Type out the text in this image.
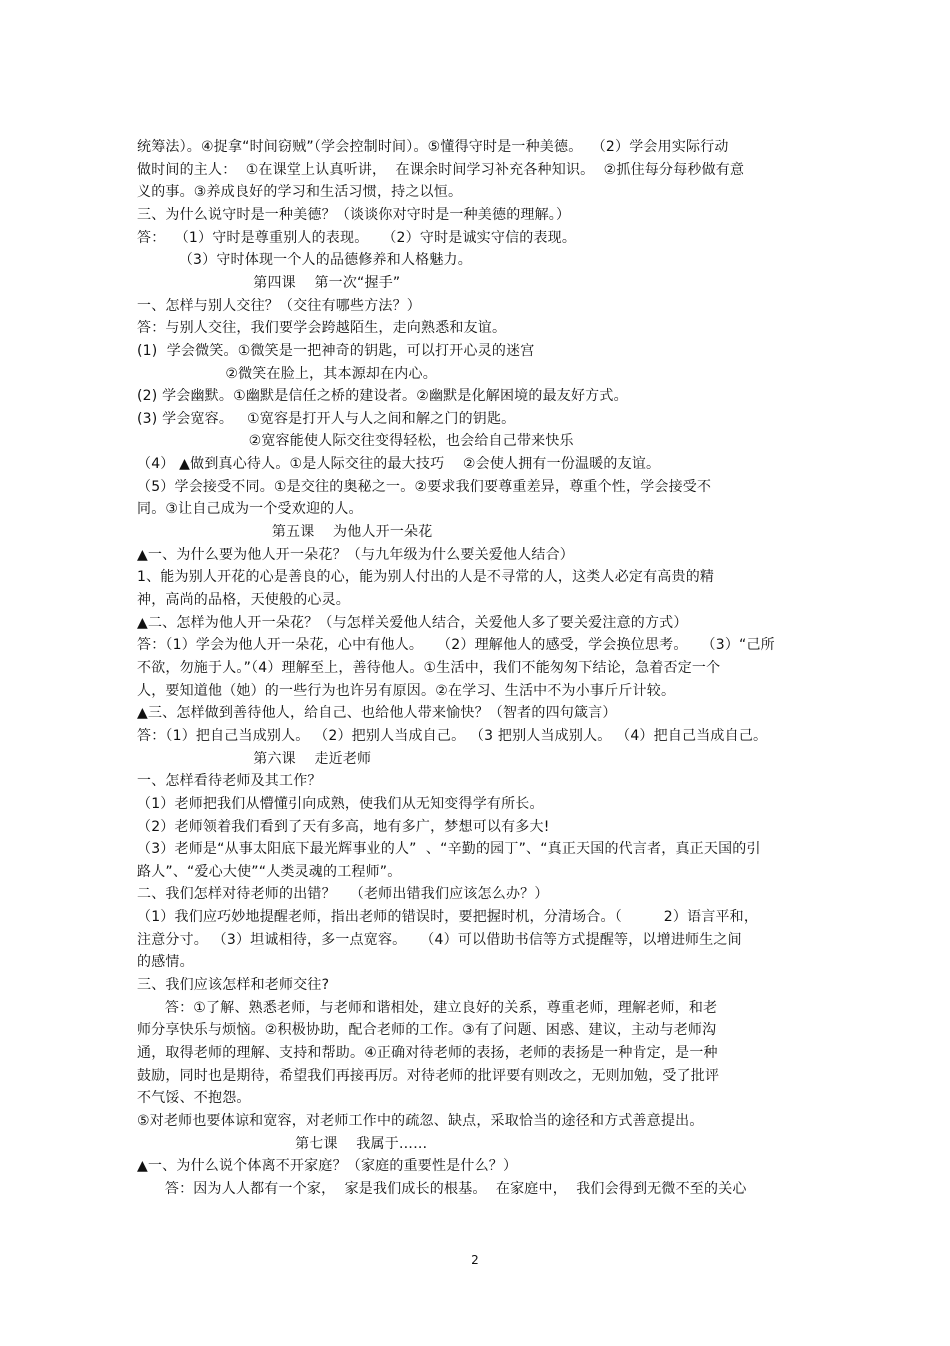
统筹法）。④捉拿“时间窃贼”（学会控制时间）。⑤懂得守时是一种美德。  （2）学会用实际行动
做时间的主人：  ①在课堂上认真听讲，  在课余时间学习补充各种知识。  ②抓住每分每秒做有意
义的事。③养成良好的学习和生活习惯，持之以恒。
三、为什么说守时是一种美德？（谈谈你对守时是一种美德的理解。）
答：  （1）守时是尊重别人的表现。   （2）守时是诚实守信的表现。
（3）守时体现一个人的品德修养和人格魅力。
第四课    第一次“握手”
一、怎样与别人交往？（交往有哪些方法？）
答：与别人交往，我们要学会跨越陌生，走向熟悉和友谊。
(1)  学会微笑。①微笑是一把神奇的钥匙，可以打开心灵的迷宫
②微笑在脸上，其本源却在内心。
(2) 学会幽默。①幽默是信任之桥的建设者。②幽默是化解困境的最友好方式。
(3) 学会宽容。   ①宽容是打开人与人之间和解之门的钥匙。
②宽容能使人际交往变得轻松，也会给自己带来快乐
（4） ▲做到真心待人。①是人际交往的最大技巧    ②会使人拥有一份温暖的友谊。
（5）学会接受不同。①是交往的奥秘之一。②要求我们要尊重差异，尊重个性，学会接受不
同。③让自己成为一个受欢迎的人。
第五课    为他人开一朵花
▲一、为什么要为他人开一朵花？（与九年级为什么要关爱他人结合）
1、能为别人开花的心是善良的心，能为别人付出的人是不寻常的人，这类人必定有高贵的精
神，高尚的品格，天使般的心灵。
▲二、怎样为他人开一朵花？（与怎样关爱他人结合，关爱他人多了要关爱注意的方式）
答：（1）学会为他人开一朵花，心中有他人。   （2）理解他人的感受，学会换位思考。   （3）“己所
不欲，勿施于人。”（4）理解至上，善待他人。①生活中，我们不能匆匆下结论，急着否定一个
人，要知道他（她）的一些行为也许另有原因。②在学习、生活中不为小事斤斤计较。
▲三、怎样做到善待他人，给自己、也给他人带来愉快？（智者的四句箴言）
答：（1）把自己当成别人。 （2）把别人当成自己。 （3 把别人当成别人。 （4）把自己当成自己。
第六课    走近老师
一、怎样看待老师及其工作？
（1）老师把我们从懵懂引向成熟，使我们从无知变得学有所长。
（2）老师领着我们看到了天有多高，地有多广，梦想可以有多大!
（3）老师是“从事太阳底下最光辉事业的人”  、“辛勤的园丁”、“真正天国的代言者，真正天国的引
路人”、“爱心大使”“人类灵魂的工程师”。
二、我们怎样对待老师的出错？   （老师出错我们应该怎么办？）
（1）我们应巧妙地提醒老师，指出老师的错误时，要把握时机，分清场合。（         2）语言平和，
注意分寸。 （3）坦诚相待，多一点宽容。   （4）可以借助书信等方式提醒等，以增进师生之间
的感情。
三、我们应该怎样和老师交往?
答：①了解、熟悉老师，与老师和谐相处，建立良好的关系，尊重老师，理解老师，和老
师分享快乐与烦恼。②积极协助，配合老师的工作。③有了问题、困惑、建议，主动与老师沟
通，取得老师的理解、支持和帮助。④正确对待老师的表扬，老师的表扬是一种肯定，是一种
鼓励，同时也是期待，希望我们再接再厉。对待老师的批评要有则改之，无则加勉，受了批评
不气馁、不抱怨。
⑤对老师也要体谅和宽容，对老师工作中的疏忽、缺点，采取恰当的途径和方式善意提出。
第七课    我属于……
▲一、为什么说个体离不开家庭？（家庭的重要性是什么？）
答：因为人人都有一个家，  家是我们成长的根基。  在家庭中，  我们会得到无微不至的关心
2
